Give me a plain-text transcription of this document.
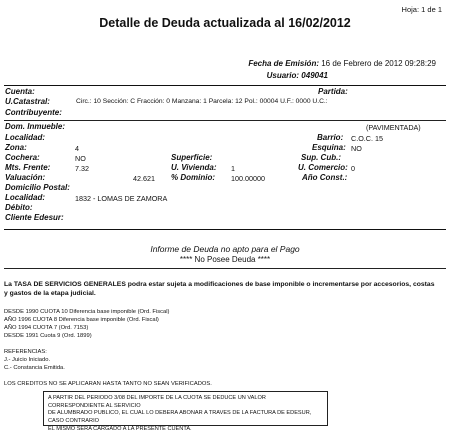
Hoja: 1 de 1
Detalle de Deuda actualizada al 16/02/2012
Fecha de Emisión: 16 de Febrero de 2012 09:28:29
Usuario: 049041
Cuenta:	Partida:
U.Catastral:	Circ.: 10 Sección: C Fracción: 0 Manzana: 1 Parcela: 12 Pol.: 00004 U.F.: 0000 U.C.:
Contribuyente:
Dom. Inmueble:	(PAVIMENTADA)
Localidad:	Barrio: C.O.C. 15
Zona:	4	Esquina: NO
Cochera:	NO	Superficie:	Sup. Cub.:
Mts. Frente:	7.32	U. Vivienda: 1	U. Comercio: 0
Valuación:	42.621 % Dominio: 100.00000	Año Const.:
Domicilio Postal:
Localidad:	1832 - LOMAS DE ZAMORA
Débito:
Cliente Edesur:
Informe de Deuda no apto para el Pago
**** No Posee Deuda ****
La TASA DE SERVICIOS GENERALES podra estar sujeta a modificaciones de base imponible o incrementarse por accesorios, costas y gastos de la etapa judicial.
DESDE 1990 CUOTA 10 Diferencia base imponible (Ord. Fiscal)
AÑO 1996 CUOTA 8 Diferencia base imponible (Ord. Fiscal)
AÑO 1994 CUOTA 7 (Ord. 7153)
DESDE 1991 Cuota 9 (Ord. 1899)
REFERENCIAS:
J.- Juicio Iniciado.
C.- Constancia Emitida.
LOS CREDITOS NO SE APLICARAN HASTA TANTO NO SEAN VERIFICADOS.
A PARTIR DEL PERIODO 3/08 DEL IMPORTE DE LA CUOTA SE DEDUCE UN VALOR CORRESPONDIENTE AL SERVICIO
DE ALUMBRADO PUBLICO, EL CUAL LO DEBERA ABONAR A TRAVES DE LA FACTURA DE EDESUR, CASO CONTRARIO
EL MISMO SERA CARGADO A LA PRESENTE CUENTA.
